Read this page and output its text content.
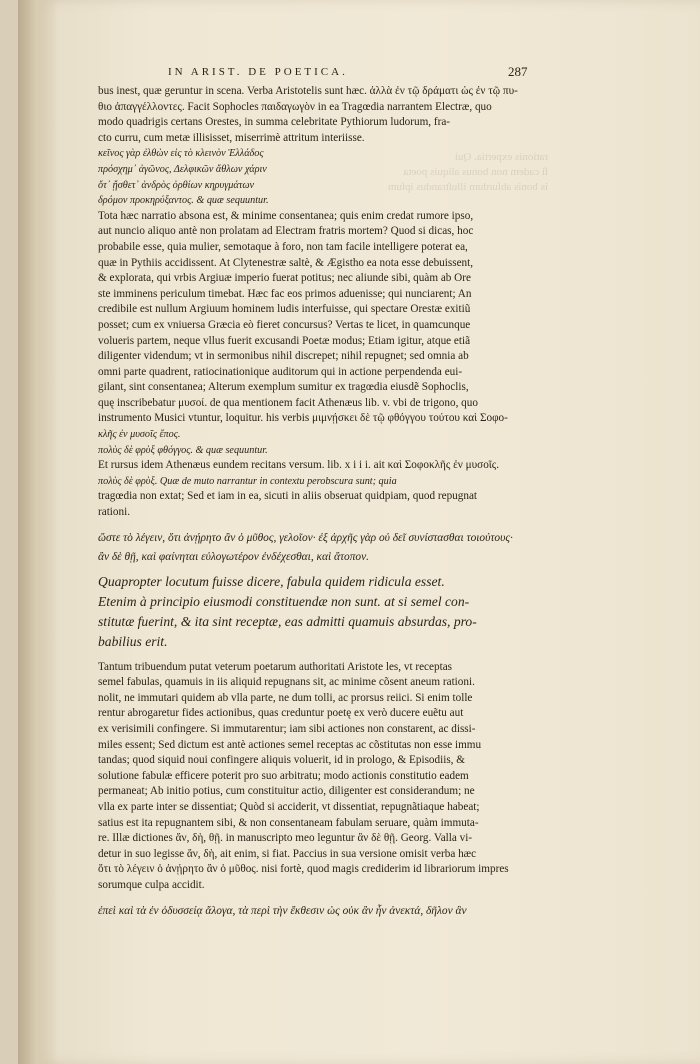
rationis expertia. Qui
ſi cadem non bonus aliquis poeta
is bonis abſurdum illuſtrandus ipſum
IN ARIST. DE POETICA.	287
bus inest, quæ geruntur in scena. Verba Aristotelis sunt hæc. ἀλλὰ ἐν τῷ δράματι ὡς ἐν τῷ πυ-
θιο ἀπαγγέλλοντες. Facit Sophocles παιδαγωγὸν in ea Tragœdia narrantem Electræ, quo
modo quadrigis certans Orestes, in summa celebritate Pythiorum ludorum, fra-
cto curru, cum metæ illisisset, miserrimè attritum interiisse.
„ κεῖνος γὰρ ἐλθὼν εἰς τὸ κλεινὸν Ἑλλάδος
„ πρόσχημ᾽ ἀγῶνος, Δελφικῶν ἄθλων χάριν
„ ὅτ᾽ ᾔσθετ᾽ ἀνδρὸς ὀρθίων κηρυγμάτων
„ δρόμον προκηρύξαντος. & quæ sequuntur.
Tota hæc narratio absona est, & minime consentanea; quis enim credat rumore ipso,
aut nuncio aliquo antè non prolatam ad Electram fratris mortem? Quod si dicas, hoc
probabile esse, quia mulier, semotaque à foro, non tam facile intelligere poterat ea,
quæ in Pythiis accidissent. At Clytenestræ saltè, & Ægistho ea nota esse debuissent,
& explorata, qui vrbis Argiuæ imperio fuerat potitus; nec aliunde sibi, quàm ab Ore
ste imminens periculum timebat. Hæc fac eos primos aduenisse; qui nunciarent; An
credibile est nullum Argiuum hominem ludis interfuisse, qui spectare Orestæ exitiũ
posset; cum ex vniuersa Græcia eò fieret concursus? Vertas te licet, in quamcunque
volueris partem, neque vllus fuerit excusandi Poetæ modus; Etiam igitur, atque etiã
diligenter videndum; vt in sermonibus nihil discrepet; nihil repugnet; sed omnia ab
omni parte quadrent, ratiocinationique auditorum qui in actione perpendenda eui-
gilant, sint consentanea; Alterum exemplum sumitur ex tragœdia eiusdẽ Sophoclis,
quę inscribebatur μυσοί. de qua mentionem facit Athenæus lib. v. vbi de trigono, quo
instrumento Musici vtuntur, loquitur. his verbis μιμνῄσκει δὲ τῷ φθόγγου τούτου καὶ Σοφο-
κλῆς ἐν μυσοῖς ἔπος.
πολὺς δὲ φρὺξ φθόγγος. & quæ sequuntur.
Et rursus idem Athenæus eundem recitans versum. lib. x i i i. ait καὶ Σοφοκλῆς ἐν μυσοῖς.
„ πολὺς δὲ φρὺξ. Quæ de muto narrantur in contextu perobscura sunt; quia
tragœdia non extat; Sed et iam in ea, sicuti in aliis obseruat quidpiam, quod repugnat
rationi.
„ ὥστε τὸ λέγειν, ὅτι ἀνῄρητο ἂν ὁ μῦθος, γελοῖον· ἐξ ἀρχῆς γὰρ οὐ δεῖ συνίστασθαι τοιούτους·
„ ἂν δὲ θῇ, καὶ φαίνηται εὐλογωτέρον ἐνδέχεσθαι, καὶ ἄτοπον.
„ Quapropter locutum fuisse dicere, fabula quidem ridicula esset.
„ Etenim à principio eiusmodi constituendæ non sunt. at si semel con-
„ stitutæ fuerint, & ita sint receptæ, eas admitti quamuis absurdas, pro-
„ babilius erit.
Tantum tribuendum putat veterum poetarum authoritati Aristote les, vt receptas
semel fabulas, quamuis in iis aliquid repugnans sit, ac minime cõsent aneum rationi.
nolit, ne immutari quidem ab vlla parte, ne dum tolli, ac prorsus reiici. Si enim tolle
rentur abrogaretur fides actionibus, quas creduntur poetę ex verò ducere euẽtu aut
ex verisimili confingere. Si immutarentur; iam sibi actiones non constarent, ac dissi-
miles essent; Sed dictum est antè actiones semel receptas ac cõstitutas non esse immu
tandas; quod siquid noui confingere aliquis voluerit, id in prologo, & Episodiis, &
solutione fabulæ efficere poterit pro suo arbitratu; modo actionis constitutio eadem
permaneat; Ab initio potius, cum constituitur actio, diligenter est considerandum; ne
vlla ex parte inter se dissentiat; Quòd si acciderit, vt dissentiat, repugnãtiaque habeat;
satius est ita repugnantem sibi, & non consentaneam fabulam seruare, quàm immuta-
re. Illæ dictiones ἄν, δὴ, θῇ. in manuscripto meo leguntur ἂν δὲ θῇ. Georg. Valla vi-
detur in suo legisse ἄν, δὴ, ait enim, si fiat. Paccius in sua versione omisit verba hæc
ὅτι τὸ λέγειν ὁ ἀνῄρητο ἂν ὁ μῦθος. nisi fortè, quod magis crediderim id librariorum impres
sorumque culpa accidit.
„ ἐπεὶ καὶ τὰ ἐν ὀδυσσείᾳ ἄλογα, τὰ περὶ τὴν ἔκθεσιν ὡς οὐκ ἂν ἦν ἀνεκτά, δῆλον ἂν
